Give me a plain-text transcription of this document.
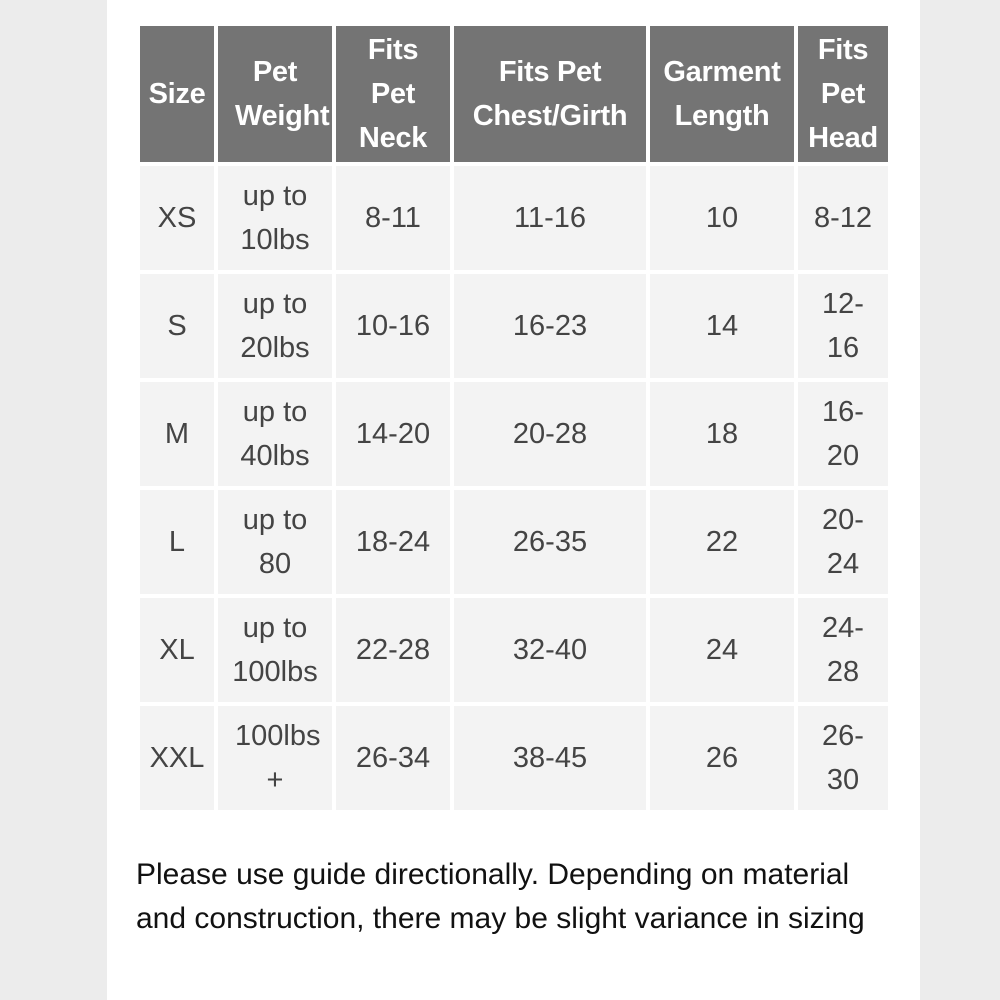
Size	Pet Weight	Fits Pet Neck	Fits Pet Chest/Girth	Garment Length	Fits Pet Head

XS	up to 10lbs	8-11	11-16	10	8-12

S	up to 20lbs	10-16	16-23	14	12-16

M	up to 40lbs	14-20	20-28	18	16-20

L	up to 80	18-24	26-35	22	20-24

XL	up to 100lbs	22-28	32-40	24	24-28

XXL	100lbs +	26-34	38-45	26	26-30

Please use guide directionally. Depending on material and construction, there may be slight variance in sizing
